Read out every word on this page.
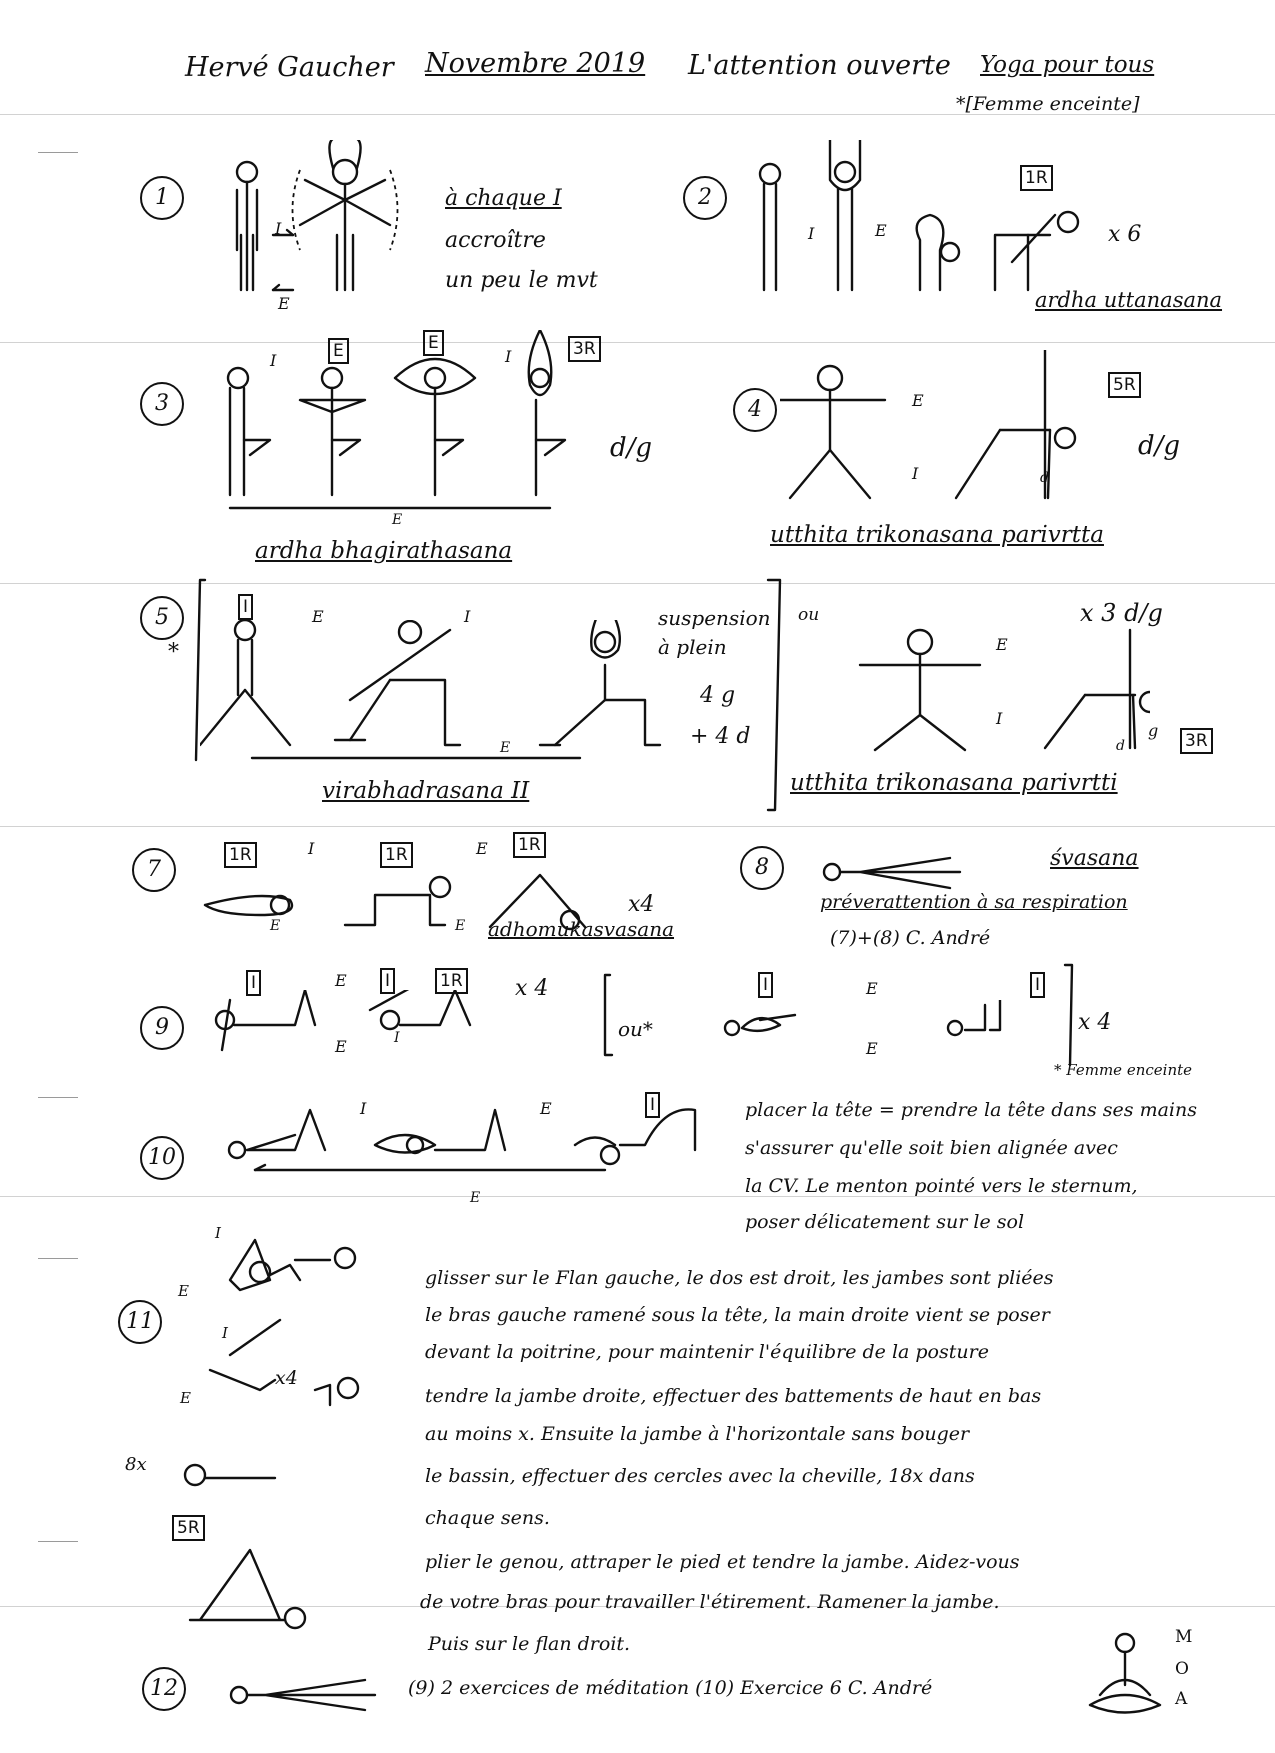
Hervé Gaucher Novembre 2019 L'attention ouverte Yoga pour tous
*[Femme enceinte]
1
I
E
à chaque I
accroître
un peu le mvt
2
I	E
1R
x 6
ardha uttanasana
3
I	I
E	E	3R
d/g
E
ardha bhagirathasana
4	E
I	d
5R
d/g
utthita trikonasana parivrtta
5
*
I	E	I
E
suspension
à plein
4 g
+ 4 d
virabhadrasana II
ou	x 3 d/g
E
I
d
g
3R
utthita trikonasana parivrtti
7
1R	1R	1R
I	E
E	E
x4
adhomukasvasana
8	śvasana
préverattention à sa respiration
(7)+(8) C. André
9
I	I	1R
E
E	I
x 4
ou*
I	I
E
E
x 4
* Femme enceinte
10
I
I	E
E
placer la tête = prendre la tête dans ses mains
s'assurer qu'elle soit bien alignée avec
la CV. Le menton pointé vers le sternum,
poser délicatement sur le sol
11
I
E
I
E
x4
8x
5R
glisser sur le Flan gauche, le dos est droit, les jambes sont pliées
le bras gauche ramené sous la tête, la main droite vient se poser
devant la poitrine, pour maintenir l'équilibre de la posture
tendre la jambe droite, effectuer des battements de haut en bas
au moins x. Ensuite la jambe à l'horizontale sans bouger
le bassin, effectuer des cercles avec la cheville, 18x dans
chaque sens.
plier le genou, attraper le pied et tendre la jambe. Aidez-vous
de votre bras pour travailler l'étirement. Ramener la jambe.
Puis sur le flan droit.
12	(9) 2 exercices de méditation (10) Exercice 6 C. André
M
O
A
